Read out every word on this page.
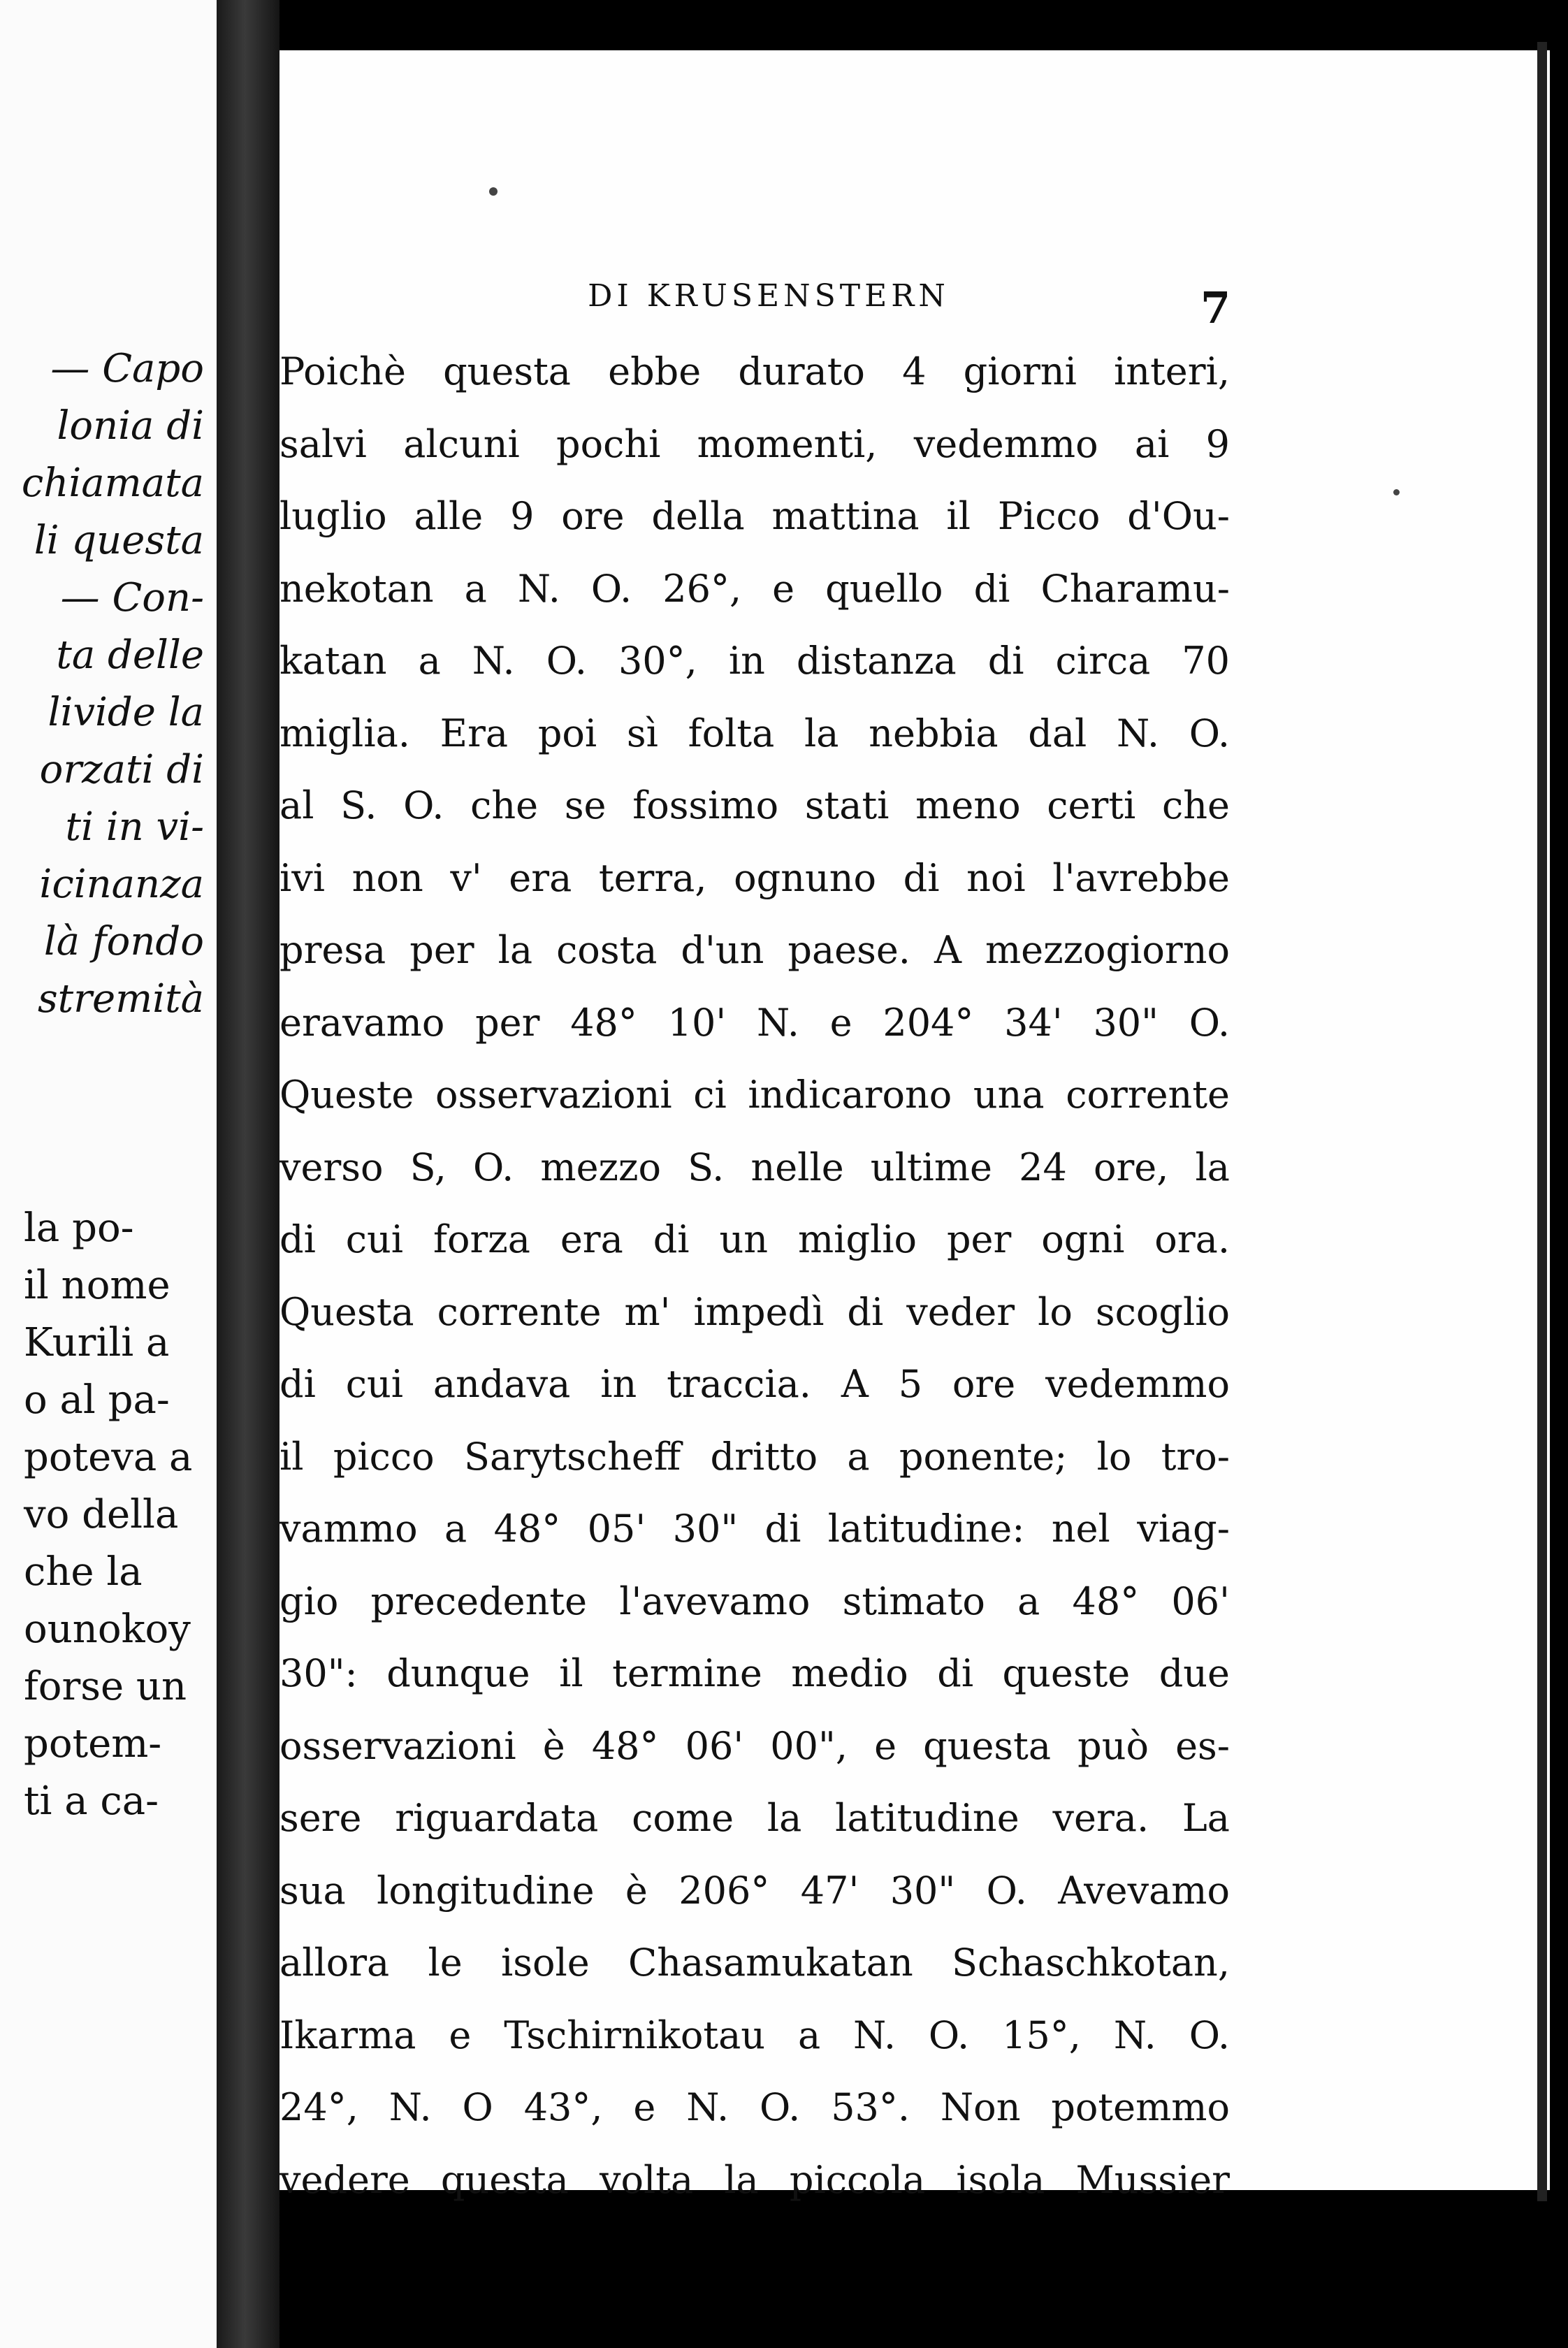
— Capo
lonia di
chiamata
li questa
— Con-
ta delle
livide la
orzati di
ti in vi-
icinanza
là fondo
stremità
la po-
il nome
Kurili a
o al pa-
poteva a
vo della
che la
ounokoy
forse un
potem-
ti a ca-
DI KRUSENSTERN	7
Poichè questa ebbe durato 4 giorni interi,
salvi alcuni pochi momenti, vedemmo ai 9
luglio alle 9 ore della mattina il Picco d'Ou-
nekotan a N. O. 26°, e quello di Charamu-
katan a N. O. 30°, in distanza di circa 70
miglia. Era poi sì folta la nebbia dal N. O.
al S. O. che se fossimo stati meno certi che
ivi non v' era terra, ognuno di noi l'avrebbe
presa per la costa d'un paese. A mezzogiorno
eravamo per 48° 10' N. e 204° 34' 30" O.
Queste osservazioni ci indicarono una corrente
verso S, O. mezzo S. nelle ultime 24 ore, la
di cui forza era di un miglio per ogni ora.
Questa corrente m' impedì di veder lo scoglio
di cui andava in traccia. A 5 ore vedemmo
il picco Sarytscheff dritto a ponente; lo tro-
vammo a 48° 05' 30" di latitudine: nel viag-
gio precedente l'avevamo stimato a 48° 06'
30": dunque il termine medio di queste due
osservazioni è 48° 06' 00", e questa può es-
sere riguardata come la latitudine vera. La
sua longitudine è 206° 47' 30" O. Avevamo
allora le isole Chasamukatan Schaschkotan,
Ikarma e Tschirnikotau a N. O. 15°, N. O.
24°, N. O 43°, e N. O. 53°. Non potemmo
vedere questa volta la piccola isola Mussier
